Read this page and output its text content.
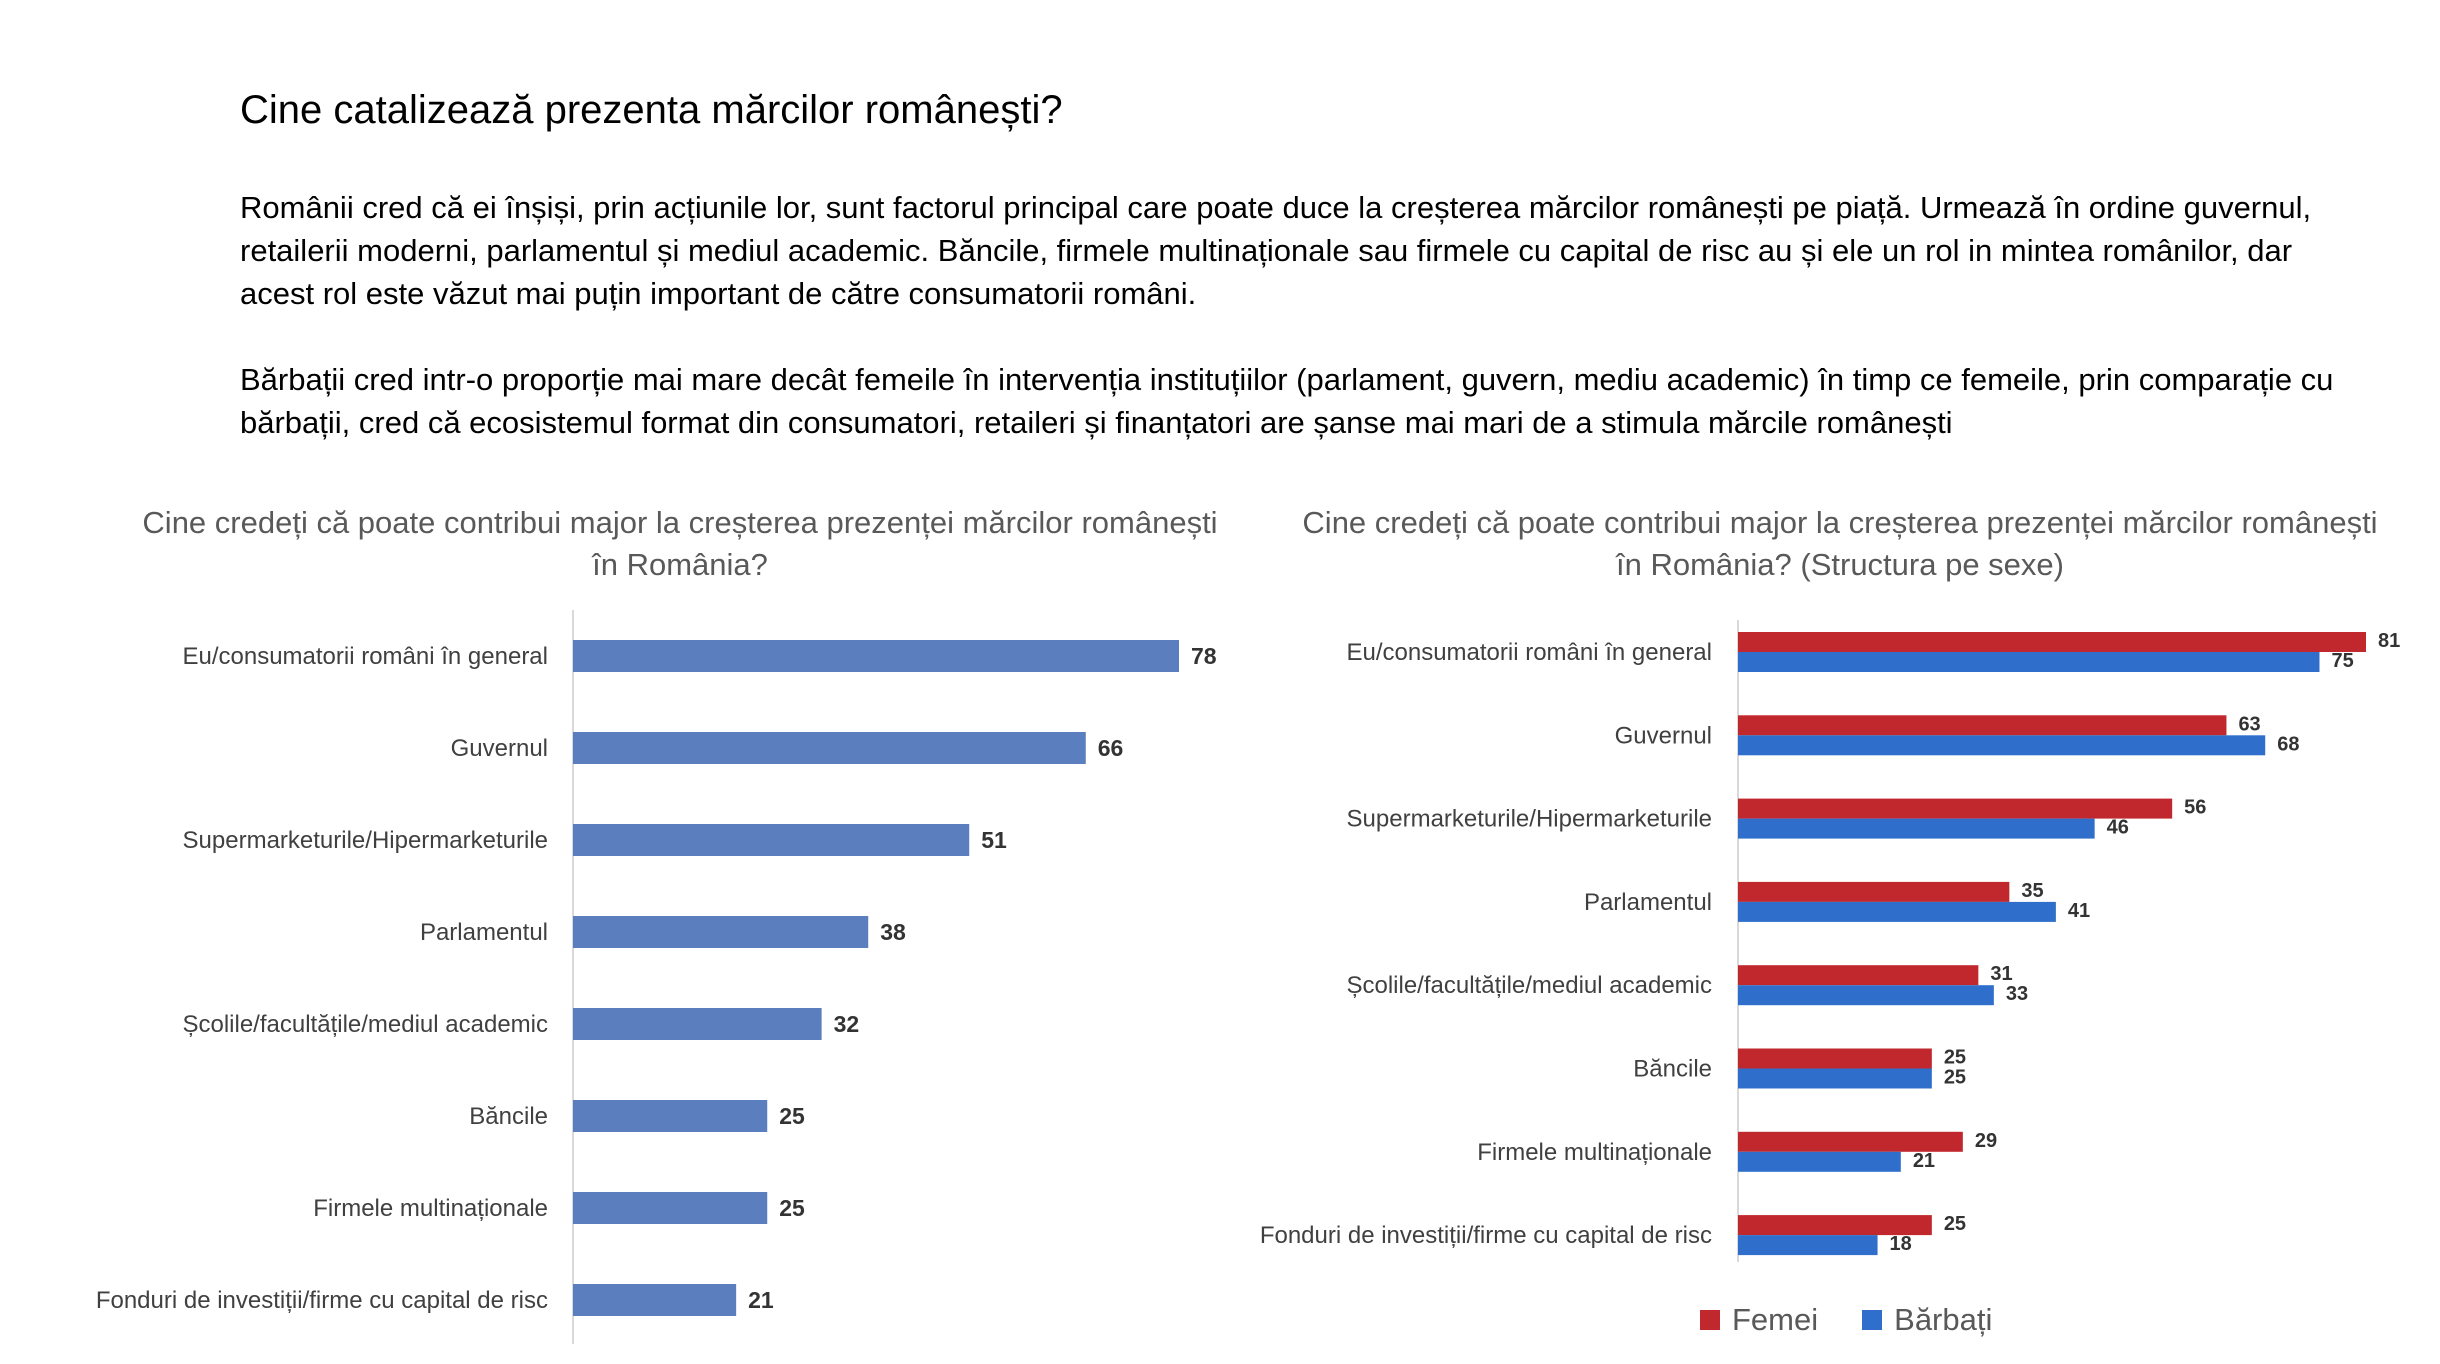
Cine catalizează prezenta mărcilor românești?
Românii cred că ei înșiși, prin acțiunile lor, sunt factorul principal care poate duce la creșterea mărcilor românești pe piață. Urmează în ordine guvernul, retailerii moderni, parlamentul și mediul academic. Băncile, firmele multinaționale sau firmele cu capital de risc au și ele un rol in mintea românilor, dar acest rol este văzut mai puțin important de către consumatorii români.
Bărbații cred intr-o proporție mai mare decât femeile în intervenția instituțiilor (parlament, guvern, mediu academic) în timp ce femeile, prin comparație cu bărbații, cred că ecosistemul format din consumatori, retaileri și finanțatori are șanse mai mari de a stimula mărcile românești
Cine credeți că poate contribui major la creșterea prezenței mărcilor românești în România?
Cine credeți că poate contribui major la creșterea prezenței mărcilor românești în România? (Structura pe sexe)
78
Eu/consumatorii români în general
66
Guvernul
51
Supermarketurile/Hipermarketurile
38
Parlamentul
32
Școlile/facultățile/mediul academic
25
Băncile
25
Firmele multinaționale
21
Fonduri de investiții/firme cu capital de risc
81
75
Eu/consumatorii români în general
63
68
Guvernul
56
46
Supermarketurile/Hipermarketurile
35
41
Parlamentul
31
33
Școlile/facultățile/mediul academic
25
25
Băncile
29
21
Firmele multinaționale
25
18
Fonduri de investiții/firme cu capital de risc
Femei Bărbați
